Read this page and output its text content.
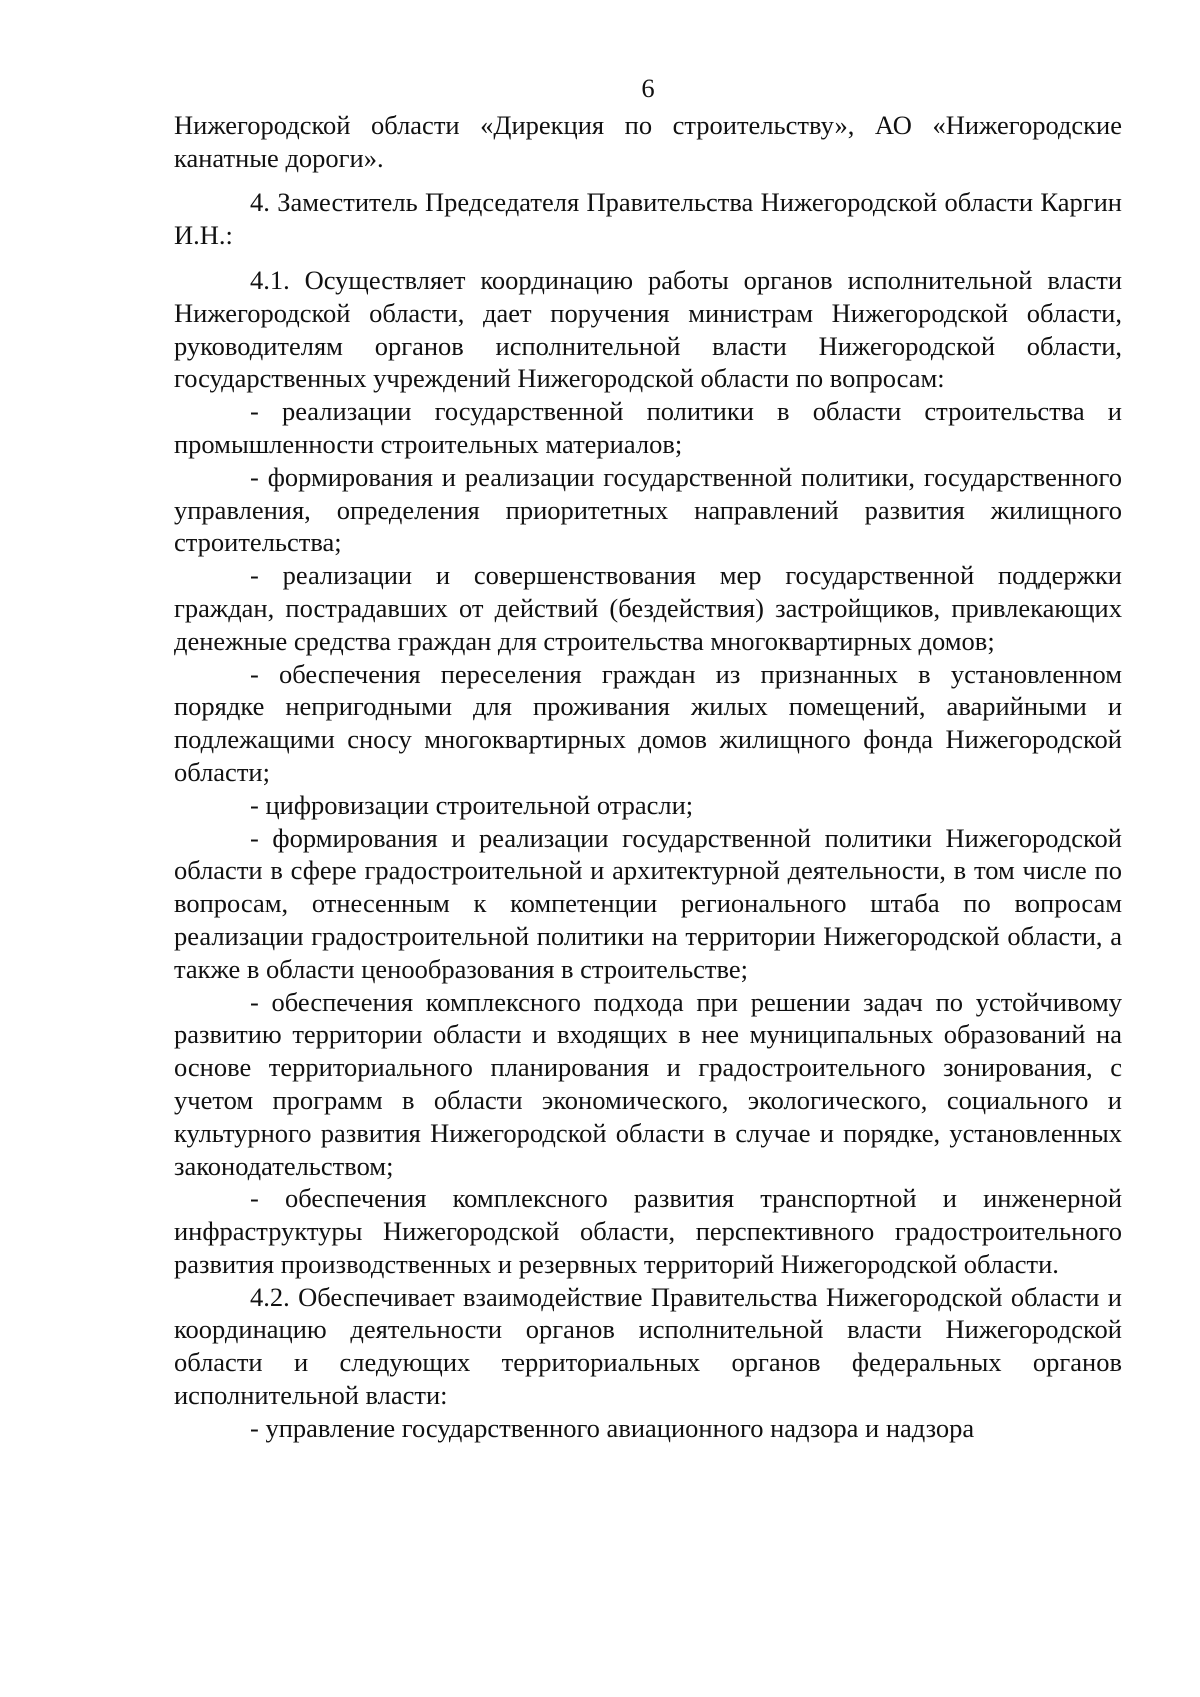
6

Нижегородской области «Дирекция по строительству», АО «Нижегородские канатные дороги».

4. Заместитель Председателя Правительства Нижегородской области Каргин И.Н.:

4.1. Осуществляет координацию работы органов исполнительной власти Нижегородской области, дает поручения министрам Нижегородской области, руководителям органов исполнительной власти Нижегородской области, государственных учреждений Нижегородской области по вопросам:

- реализации государственной политики в области строительства и промышленности строительных материалов;

- формирования и реализации государственной политики, государственного управления, определения приоритетных направлений развития жилищного строительства;

- реализации и совершенствования мер государственной поддержки граждан, пострадавших от действий (бездействия) застройщиков, привлекающих денежные средства граждан для строительства многоквартирных домов;

- обеспечения переселения граждан из признанных в установленном порядке непригодными для проживания жилых помещений, аварийными и подлежащими сносу многоквартирных домов жилищного фонда Нижегородской области;

- цифровизации строительной отрасли;

- формирования и реализации государственной политики Нижегородской области в сфере градостроительной и архитектурной деятельности, в том числе по вопросам, отнесенным к компетенции регионального штаба по вопросам реализации градостроительной политики на территории Нижегородской области, а также в области ценообразования в строительстве;

- обеспечения комплексного подхода при решении задач по устойчивому развитию территории области и входящих в нее муниципальных образований на основе территориального планирования и градостроительного зонирования, с учетом программ в области экономического, экологического, социального и культурного развития Нижегородской области в случае и порядке, установленных законодательством;

- обеспечения комплексного развития транспортной и инженерной инфраструктуры Нижегородской области, перспективного градостроительного развития производственных и резервных территорий Нижегородской области.

4.2. Обеспечивает взаимодействие Правительства Нижегородской области и координацию деятельности органов исполнительной власти Нижегородской области и следующих территориальных органов федеральных органов исполнительной власти:

- управление государственного авиационного надзора и надзора
